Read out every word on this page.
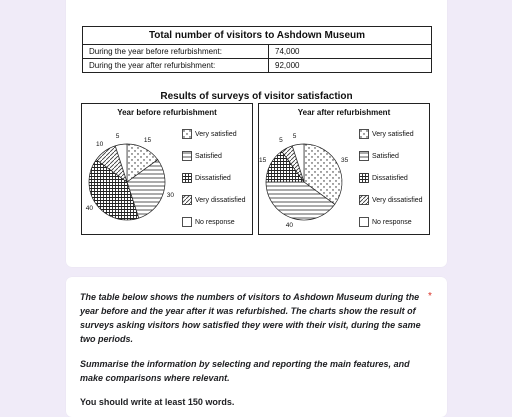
Total number of visitors to Ashdown Museum	
During the year before refurbishment:	74,000
During the year after refurbishment:	92,000
Results of surveys of visitor satisfaction
Year before refurbishment
15
30
40
10
5	Very satisfied
Satisfied
Dissatisfied
Very dissatisfied
No response
Year after refurbishment
35
40
15
5
5	Very satisfied
Satisfied
Dissatisfied
Very dissatisfied
No response
The table below shows the numbers of visitors to Ashdown Museum during the year before and the year after it was refurbished. The charts show the result of surveys asking visitors how satisfied they were with their visit, during the same two periods.
Summarise the information by selecting and reporting the main features, and make comparisons where relevant.
You should write at least 150 words.
*
